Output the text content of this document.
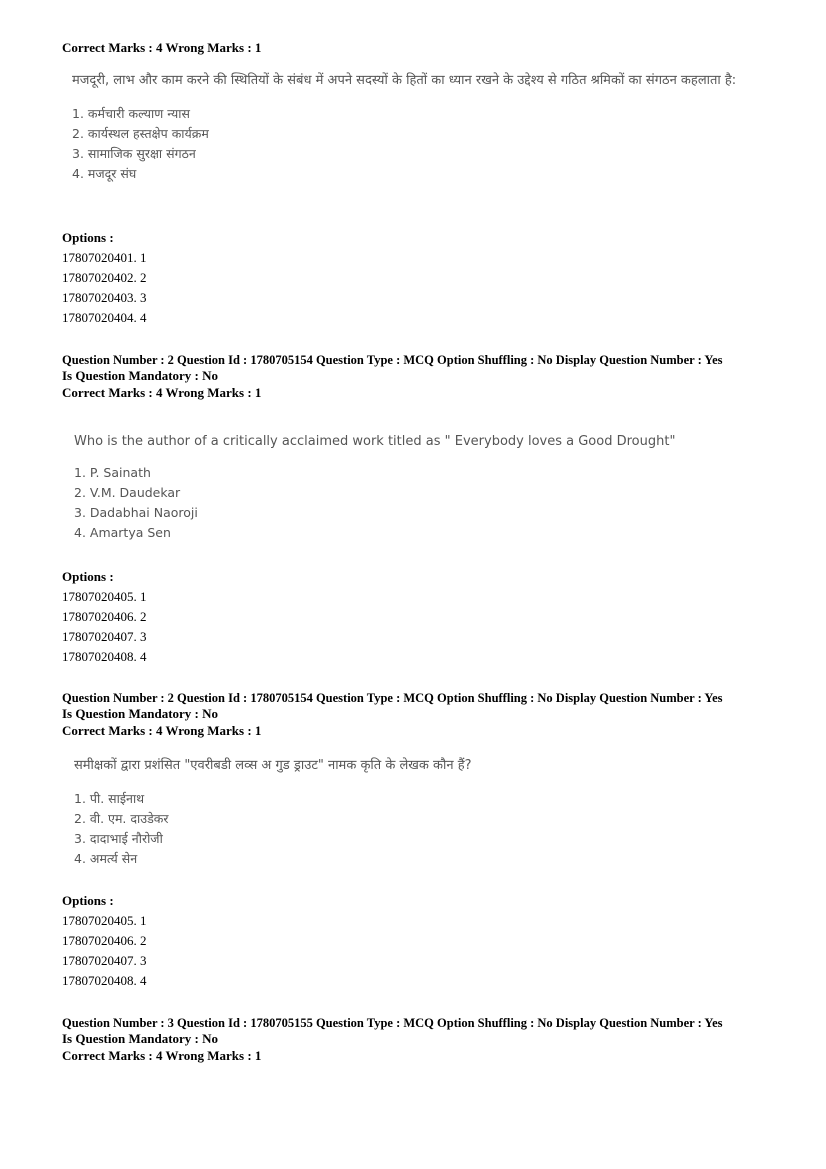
Correct Marks : 4 Wrong Marks : 1
मजदूरी, लाभ और काम करने की स्थितियों के संबंध में अपने सदस्यों के हितों का ध्यान रखने के उद्देश्य से गठित श्रमिकों का संगठन कहलाता है:
1. कर्मचारी कल्याण न्यास
2. कार्यस्थल हस्तक्षेप कार्यक्रम
3. सामाजिक सुरक्षा संगठन
4. मजदूर संघ
Options :
17807020401. 1
17807020402. 2
17807020403. 3
17807020404. 4
Question Number : 2 Question Id : 1780705154 Question Type : MCQ Option Shuffling : No Display Question Number : Yes
Is Question Mandatory : No
Correct Marks : 4 Wrong Marks : 1
Who is the author of a critically acclaimed work titled as " Everybody loves a Good Drought"
1. P. Sainath
2. V.M. Daudekar
3. Dadabhai Naoroji
4. Amartya Sen
Options :
17807020405. 1
17807020406. 2
17807020407. 3
17807020408. 4
Question Number : 2 Question Id : 1780705154 Question Type : MCQ Option Shuffling : No Display Question Number : Yes
Is Question Mandatory : No
Correct Marks : 4 Wrong Marks : 1
समीक्षकों द्वारा प्रशंसित "एवरीबडी लव्स अ गुड ड्राउट" नामक कृति के लेखक कौन हैं?
1. पी. साईनाथ
2. वी. एम. दाउडेकर
3. दादाभाई नौरोजी
4. अमर्त्य सेन
Options :
17807020405. 1
17807020406. 2
17807020407. 3
17807020408. 4
Question Number : 3 Question Id : 1780705155 Question Type : MCQ Option Shuffling : No Display Question Number : Yes
Is Question Mandatory : No
Correct Marks : 4 Wrong Marks : 1
